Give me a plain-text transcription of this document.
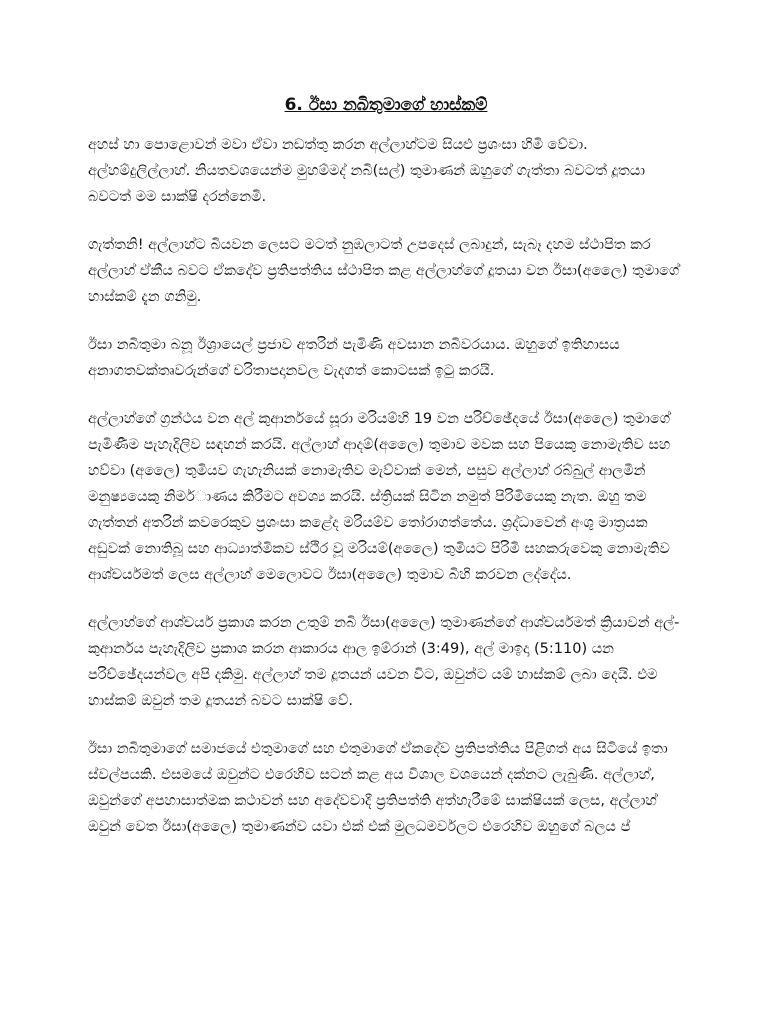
6. ඊසා නබිතුමාගේ හාස්කම්

අහස් හා පොළොවන් මවා ඒවා නඩත්තු කරන අල්ලාහ්ටම සියළු ප්‍රශංසා හිමි වේවා. අල්හම්දුලිල්ලාහ්. නියතවශයෙන්ම මුහම්මද් නබි(සල්) තුමාණන් ඔහුගේ ගැත්තා බවටත් දූතයා බවටත් මම සාක්ෂි දරන්නෙමි.

ගැත්තනි! අල්ලාහ්ට බියවන ලෙසට මටත් නුඹලාටත් උපදෙස් ලබාදුන්, සැබෑ දහම ස්ථාපිත කර අල්ලාහ් ඒකීය බවට ඒකදේව ප්‍රතිපත්තිය ස්ථාපිත කළ අල්ලාහ්ගේ දූතයා වන ඊසා(අලෛ) තුමාගේ හාස්කම් දැන ගනිමු.

ඊසා නබිතුමා බනූ ඊශ්‍රායෙල් ප්‍රජාව අතරින් පැමිණි අවසාන නබිවරයාය. ඔහුගේ ඉතිහාසය අනාගතවක්තෘවරුන්ගේ චරිතාපදානවල වැදගත් කොටසක් ඉටු කරයි.

අල්ලාහ්ගේ ග්‍රන්ථය වන අල් කුආර්නයේ සූරා මරියම්හි 19 වන පරිච්ඡේදයේ ඊසා(අලෛ) තුමාගේ පැමිණීම පැහැදිලිව සඳහන් කරයි. අල්ලාහ් ආදම්(අලෛ) තුමාව මවක සහ පියෙකු නොමැතිව සහ හව්වා (අලෛ) තුමියව ගැහැනියක් නොමැතිව මැව්වාක් මෙන්, පසුව අල්ලාහ් රබ්බුල් ආලමීන් මනුෂ්‍යයෙකු නිමර්ාණය කිරීමට අවශ්‍ය කරයි. ස්ත්‍රියක් සිටින නමුත් පිරිමියෙකු නැත. ඔහු තම ගැත්තන් අතරින් කවරෙකුව ප්‍රශංසා කළේද මරියම්ව තෝරාගත්තේය. ශ්‍රද්ධාවෙන් අංශු මාත්‍රයක අඩුවක් නොතිබූ සහ ආධ්‍යාත්මිකව ස්ථිර වූ මරියම්(අලෛ) තුමියට පිරිමි සහකරුවෙකු නොමැතිව ආශ්චර්යමත් ලෙස අල්ලාහ් මෙලොවට ඊසා(අලෛ) තුමාව බිහි කරවන ලද්දේය.

අල්ලාහ්ගේ ආශ්චර්ය ප්‍රකාශ කරන උතුම් නබි ඊසා(අලෛ) තුමාණන්ගේ ආශ්චර්යමත් ක්‍රියාවන් අල්-කුආර්නය පැහැදිලිව ප්‍රකාශ කරන ආකාරය ආල ඉම්රාන් (3:49), අල් මාඉදා (5:110) යන පරිච්ඡේදයන්වල අපි දකිමු. අල්ලාහ් තම දූතයන් යවන විට, ඔවුන්ට යම් හාස්කම් ලබා දෙයි. එම හාස්කම් ඔවුන් තම දූතයන් බවට සාක්ෂි වේ.

ඊසා නබිතුමාගේ සමාජයේ එතුමාගේ සහ එතුමාගේ ඒකදේව ප්‍රතිපත්තිය පිළිගත් අය සිටියේ ඉතා ස්වල්පයකි. එසමයේ ඔවුන්ට එරෙහිව සටන් කළ අය විශාල වශයෙන් දක්නට ලැබුණි. අල්ලාහ්, ඔවුන්ගේ අපහාසාත්මක කථාවන් සහ අදේවවාදී ප්‍රතිපත්ති අත්හැරීමේ සාක්ෂියක් ලෙස, අල්ලාහ් ඔවුන් වෙත ඊසා(අලෛ) තුමාණන්ව යවා එක් එක් මුලධමර්වලට එරෙහිව ඔහුගේ බලය ප්
